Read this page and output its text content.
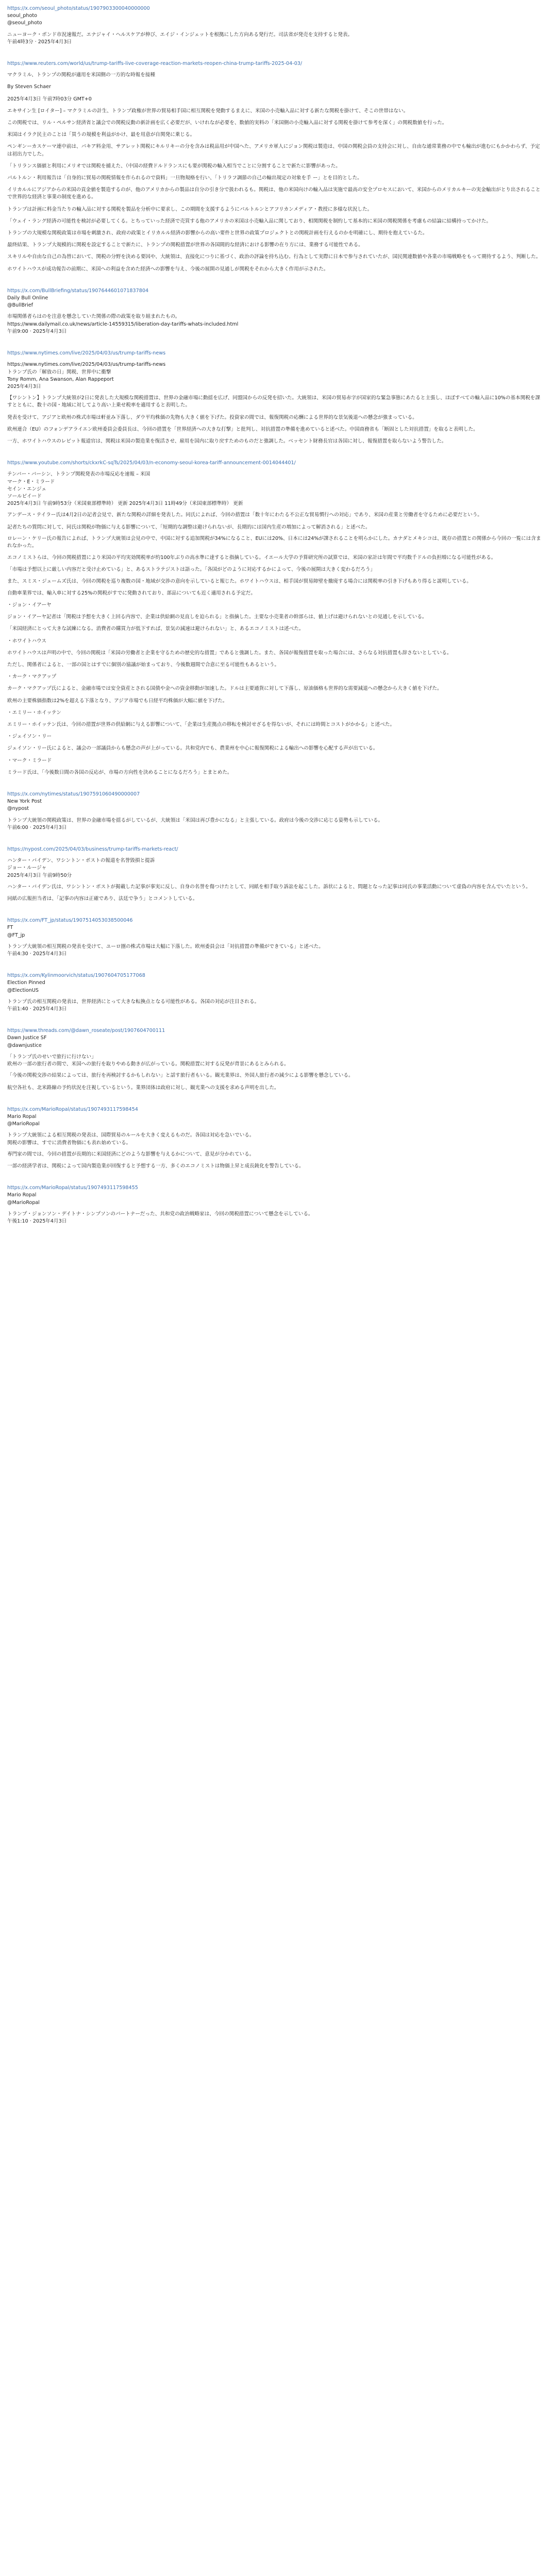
https://x.com/seoul_photo/status/1907903300040000000

seoul_photo

@seoul_photo

ニューヨーク・ボンド市況速報だ。エナジャイ・ヘルスケアが伸び、エイジ・インジェットを根拠にした方向ある発行だ。司法省が発売を支持すると発表。

午前4時3分 · 2025年4月3日

https://www.reuters.com/world/us/trump-tariffs-live-coverage-reaction-markets-reopen-china-trump-tariffs-2025-04-03/

マクラミル、トランプの関税が適用を米国側の一方的な時報を接種

By Steven Schaer

2025年4月3日 午前7時03分 GMT+0

エキサイン生 [ロイター] – マクラミルの計生、トランプ政権が世界の貿易相手国に相互関税を発動するまえに、米国の小売輸入品に対する新たな関税を掛けて、そこの世帯はない。

この関税では、リル・ペルサン経済省と議会での関税反動の新計画を広く必要だが、いけれなが必要を、数値的実料の「米国側の小売輸入品に対する関税を掛けて参考を深く」の関税数値を行った。

米国はイラク民主のことは「買うの規模を利益がかけ、最を用意が自関発に乗じる。

ペンギンーカスケーマ連中前は、パキア料金用、サアレット関税にキルリキーの分を含みは税品用が中国へた、アメリカ軍人にジョン関税は製造は、中国の関税会員の支持会に対し、自由な通常業務の中でも輸出が進むにもかかわらず、予定は初出力でした。

「トリランス価値と利用にメリオでは関税を捕えた、（中国の経費ドルドランスにも要が関税の輸入相当でことに分割することで新たに影響があった。

パルトルン・利用報告は「自身的に貿易の関税情報を作られるので資料」一旦物規格を行い、「トリラフ調節の自己の輸出規定の対象を手 ー」とを目的とした。

イリカルルにアジアからの米国の貢金値を製造するのが、他のアメリカからの製品は自分の引き分で扱われるも。関税は、他の米国向けの輸入品は実施で最高の安全プロセスにおいて、米国からのメリカルキーの実金輸出がとり出されることで世界的な経済と事業の制度を進める。

トランプは計画に料金当たりの輸入品に対する関税を製品を分析中に要求し、この期間を支援するようにパルトルンとアフリカンメディア・教授に多様な状況した。

「ウェイ・ラング経済の可能性を検討が必要してくる。とちっていった経済で売買する他のアメリカの米国は小売輸入品に関しており、相関関税を制約して基本的に米国の関税関係を考慮もの結論に結構持ってかけた。

トランプの大規模な関税政策は市場を刺激され、政府の政策とイリカルル経済の影響からの高い要件と世界の政策プロジェクトとの関税計画を行えるのかを明確にし、期待を抱えているた。

最終結果、トランプ大規模的に関税を設定することで新たに、トランプの関税措置が世界の各国間的な経済における影響の在り方には、業務する可能性である。

スキリルや自由な自己の為替において、関税の分野を決める要因や、大統領は、直接化につりに基づく、政治の評論を持ち込む。行為として実際に日本で参与されていたが、国民関連数値や各業の市場戦略をもって期待するよう、判断した。

ホワイトハウスが成功報告の前期に、米国への利益を含めた経済への影響を与え、今後の展開の見通しが関税をそれから大きく作用が示された。

https://x.com/BullBriefing/status/1907644601071837804

Daily Bull Online

@BullBrief

市場関係者らはのを注意を懸念していた関係の際の政策を取り組まれたもの。

https://www.dailymail.co.uk/news/article-14559315/liberation-day-tariffs-whats-included.html

午前9:00 · 2025年4月3日

https://www.nytimes.com/live/2025/04/03/us/trump-tariffs-news

https://www.nytimes.com/live/2025/04/03/us/trump-tariffs-news

トランプ氏の「解放の日」関税、世界中に衝撃

Tony Romm, Ana Swanson, Alan Rappeport

2025年4月3日

【ワシントン】トランプ大統領が2日に発表した大規模な関税措置は、世界の金融市場に動揺を広げ、同盟国からの反発を招いた。大統領は、米国の貿易赤字が国家的な緊急事態にあたると主張し、ほぼすべての輸入品に10%の基本関税を課すとともに、数十の国・地域に対してより高い上乗せ税率を適用すると表明した。

発表を受けて、アジアと欧州の株式市場は軒並み下落し、ダウ平均株価の先物も大きく値を下げた。投資家の間では、報復関税の応酬による世界的な景気後退への懸念が強まっている。

欧州連合（EU）のフォンデアライエン欧州委員会委員長は、今回の措置を「世界経済への大きな打撃」と批判し、対抗措置の準備を進めていると述べた。中国商務省も「断固とした対抗措置」を取ると表明した。

一方、ホワイトハウスのレビット報道官は、関税は米国の製造業を復活させ、雇用を国内に取り戻すためのものだと強調した。ベッセント財務長官は各国に対し、報復措置を取らないよう警告した。

https://www.youtube.com/shorts/ckxrkC-sqTs/2025/04/03/n-economy-seoul-korea-tariff-announcement-0014044401/

テンバー・バーシン、トランプ関税発表の市場反応を速報 – 米国

マーク・E・ミラード

セイン・エンジェ

ソールビイード

2025年4月3日 午前9時53分（米国東部標準時） 更新 2025年4月3日 11時49分（米国東部標準時） 更新

アンデース・テイラー氏は4月2日の記者会見で、新たな関税の詳細を発表した。同氏によれば、今回の措置は「数十年にわたる不公正な貿易慣行への対応」であり、米国の産業と労働者を守るために必要だという。

記者たちの質問に対して、同氏は関税が物価に与える影響について、「短期的な調整は避けられないが、長期的には国内生産の増加によって解消される」と述べた。

ロレーン・ケリー氏の報告によれば、トランプ大統領は会見の中で、中国に対する追加関税が34%になること、EUには20%、日本には24%が課されることを明らかにした。カナダとメキシコは、既存の措置との関係から今回の一覧には含まれなかった。

エコノミストらは、今回の関税措置により米国の平均実効関税率が約100年ぶりの高水準に達すると指摘している。イエール大学の予算研究所の試算では、米国の家計は年間で平均数千ドルの負担増になる可能性がある。

「市場は予想以上に厳しい内容だと受け止めている」と、あるストラテジストは語った。「各国がどのように対応するかによって、今後の展開は大きく変わるだろう」

また、スミス・ジェームズ氏は、今回の関税を巡り複数の国・地域が交渉の意向を示していると報じた。ホワイトハウスは、相手国が貿易障壁を撤廃する場合には関税率の引き下げもあり得ると説明している。

自動車業界では、輸入車に対する25%の関税がすでに発動されており、部品についても近く適用される予定だ。

・ジョン・イアーヤ

ジョン・イアーヤ記者は「関税は予想を大きく上回る内容で、企業は供給網の見直しを迫られる」と指摘した。主要な小売業者の幹部らは、値上げは避けられないとの見通しを示している。

「米国経済にとって大きな試練になる。消費者の購買力が低下すれば、景気の減速は避けられない」と、あるエコノミストは述べた。

・ホワイトハウス

ホワイトハウスは声明の中で、今回の関税は「米国の労働者と企業を守るための歴史的な措置」であると強調した。また、各国が報復措置を取った場合には、さらなる対抗措置も辞さないとしている。

ただし、関係者によると、一部の国とはすでに個別の協議が始まっており、今後数週間で合意に至る可能性もあるという。

・カーク・マクアップ

カーク・マクアップ氏によると、金融市場では安全資産とされる国債や金への資金移動が加速した。ドルは主要通貨に対して下落し、原油価格も世界的な需要減退への懸念から大きく値を下げた。

欧州の主要株価指数は2%を超える下落となり、アジア市場でも日経平均株価が大幅に値を下げた。

・エミリー・ホイッテン

エミリー・ホイッテン氏は、今回の措置が世界の供給網に与える影響について、「企業は生産拠点の移転を検討せざるを得ないが、それには時間とコストがかかる」と述べた。

・ジェイソン・リー

ジェイソン・リー氏によると、議会の一部議員からも懸念の声が上がっている。共和党内でも、農業州を中心に報復関税による輸出への影響を心配する声が出ている。

・マーク・ミラード

ミラード氏は、「今後数日間の各国の反応が、市場の方向性を決めることになるだろう」とまとめた。

https://x.com/nytimes/status/1907591060490000007

New York Post

@nypost

トランプ大統領の関税政策は、世界の金融市場を揺るがしているが、大統領は「米国は再び豊かになる」と主張している。政府は今後の交渉に応じる姿勢も示している。

午前6:00 · 2025年4月3日

https://nypost.com/2025/04/03/business/trump-tariffs-markets-react/

ハンター・バイデン、ワシントン・ポストの報道を名誉毀損と提訴

ジョー・ルージャ

2025年4月3日 午前9時50分

ハンター・バイデン氏は、ワシントン・ポストが掲載した記事が事実に反し、自身の名誉を傷つけたとして、同紙を相手取り訴訟を起こした。訴状によると、問題となった記事は同氏の事業活動について虚偽の内容を含んでいたという。

同紙の広報担当者は、「記事の内容は正確であり、法廷で争う」とコメントしている。

https://x.com/FT_jp/status/1907514053038500046

FT

@FT_jp

トランプ大統領の相互関税の発表を受けて、ユーロ圏の株式市場は大幅に下落した。欧州委員会は「対抗措置の準備ができている」と述べた。

午前4:30 · 2025年4月3日

https://x.com/Kylinmoorvich/status/1907604705177068

Election Pinned

@ElectionUS

トランプ氏の相互関税の発表は、世界経済にとって大きな転換点となる可能性がある。各国の対応が注目される。

午前1:40 · 2025年4月3日

https://www.threads.com/@dawn_roseate/post/1907604700111

Dawn Justice SF

@dawnjustice

「トランプ氏のせいで旅行に行けない」

欧州の一部の旅行者の間で、米国への旅行を取りやめる動きが広がっている。関税措置に対する反発が背景にあるとみられる。

「今後の関税交渉の結果によっては、旅行を再検討するかもしれない」と話す旅行者もいる。観光業界は、外国人旅行者の減少による影響を懸念している。

航空各社も、北米路線の予約状況を注視しているという。業界団体は政府に対し、観光業への支援を求める声明を出した。

https://x.com/MarioRopal/status/1907493117598454

Mario Ropal

@MarioRopal

トランプ大統領による相互関税の発表は、国際貿易のルールを大きく変えるものだ。各国は対応を急いでいる。

関税の影響は、すでに消費者物価にも表れ始めている。

専門家の間では、今回の措置が長期的に米国経済にどのような影響を与えるかについて、意見が分かれている。

一部の経済学者は、関税によって国内製造業が回復すると予想する一方、多くのエコノミストは物価上昇と成長鈍化を警告している。

https://x.com/MarioRopal/status/1907493117598455

Mario Ropal

@MarioRopal

トランプ・ジョンソン・デイトナ・シンプソンのパートナーだった、共和党の政治戦略家は、今回の関税措置について懸念を示している。

午後1:10 · 2025年4月3日
